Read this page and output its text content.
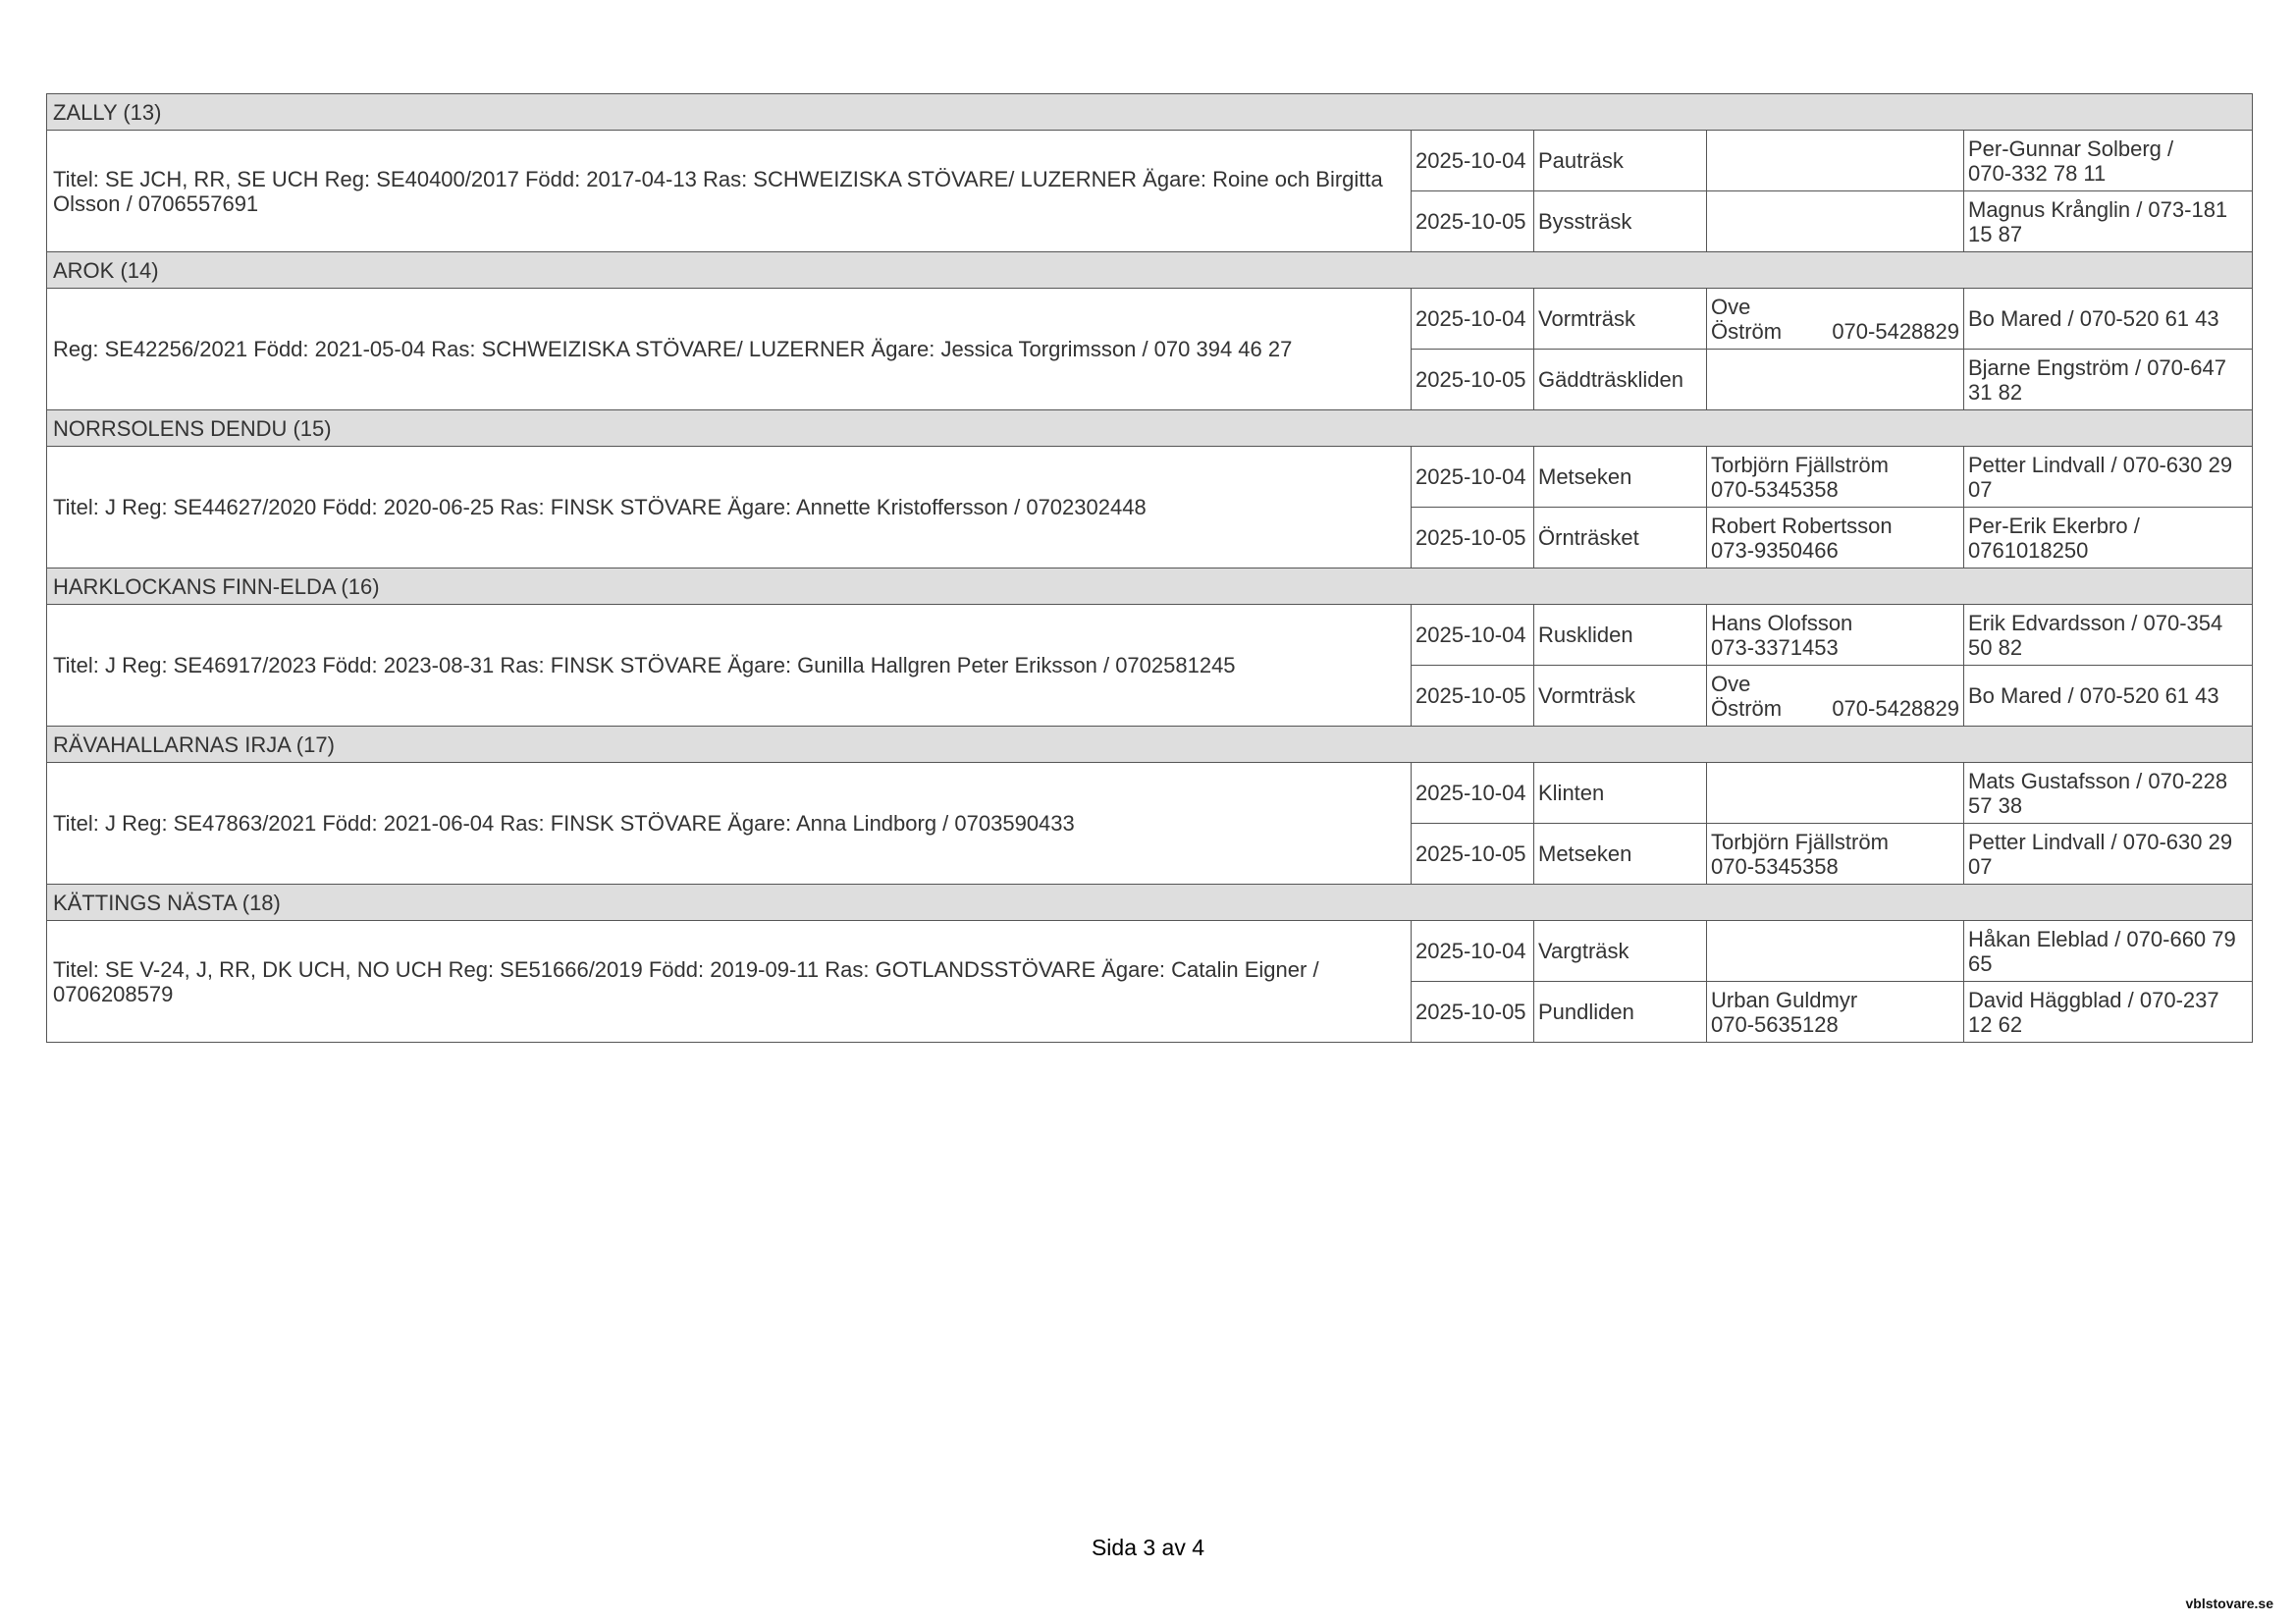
ZALLY (13)				
Titel: SE JCH, RR, SE UCH Reg: SE40400/2017 Född: 2017-04-13 Ras: SCHWEIZISKA STÖVARE/ LUZERNER Ägare: Roine och Birgitta Olsson / 0706557691	2025-10-04	Pauträsk		Per-Gunnar Solberg /
070-332 78 11

	2025-10-05	Byssträsk		Magnus Krånglin / 073-181
15 87

AROK (14)				
Reg: SE42256/2021 Född: 2021-05-04 Ras: SCHWEIZISKA STÖVARE/ LUZERNER Ägare: Jessica Torgrimsson / 070 394 46 27	2025-10-04	Vormträsk	Ove
Öström 070-5428829	Bo Mared / 070-520 61 43

	2025-10-05	Gäddträskliden		Bjarne Engström / 070-647
31 82

NORRSOLENS DENDU (15)				
Titel: J Reg: SE44627/2020 Född: 2020-06-25 Ras: FINSK STÖVARE Ägare: Annette Kristoffersson / 0702302448	2025-10-04	Metseken	Torbjörn Fjällström
070-5345358	Petter Lindvall / 070-630 29
07

	2025-10-05	Örnträsket	Robert Robertsson
073-9350466	Per-Erik Ekerbro /
0761018250

HARKLOCKANS FINN-ELDA (16)				
Titel: J Reg: SE46917/2023 Född: 2023-08-31 Ras: FINSK STÖVARE Ägare: Gunilla Hallgren Peter Eriksson / 0702581245	2025-10-04	Ruskliden	Hans Olofsson
073-3371453	Erik Edvardsson / 070-354
50 82

	2025-10-05	Vormträsk	Ove
Öström 070-5428829	Bo Mared / 070-520 61 43

RÄVAHALLARNAS IRJA (17)				
Titel: J Reg: SE47863/2021 Född: 2021-06-04 Ras: FINSK STÖVARE Ägare: Anna Lindborg / 0703590433	2025-10-04	Klinten		Mats Gustafsson / 070-228
57 38

	2025-10-05	Metseken	Torbjörn Fjällström
070-5345358	Petter Lindvall / 070-630 29
07

KÄTTINGS NÄSTA (18)				
Titel: SE V-24, J, RR, DK UCH, NO UCH Reg: SE51666/2019 Född: 2019-09-11 Ras: GOTLANDSSTÖVARE Ägare: Catalin Eigner / 0706208579	2025-10-04	Vargträsk		Håkan Eleblad / 070-660 79
65

	2025-10-05	Pundliden	Urban Guldmyr
070-5635128	David Häggblad / 070-237
12 62
Sida 3 av 4
vblstovare.se
